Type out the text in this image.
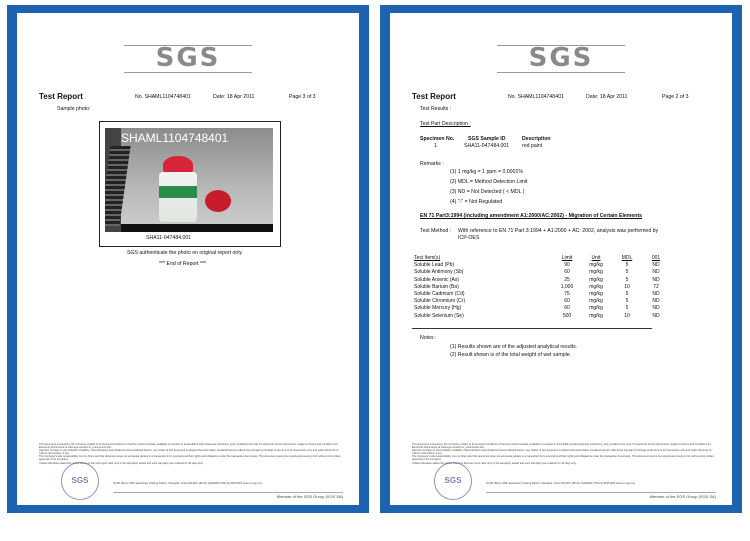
SGS
Test Report	No. SHAML1104748401	Date: 18 Apr 2011	Page 3 of 3
Sample photo:
SHAML1104748401
SHA11-047484.001
SGS authenticate the photo on original report only
*** End of Report ***

This document is issued by the Company subject to its General Conditions of Service printed overleaf, available on request or accessible at http://www.sgs.com/terms_and_conditions.htm and, for electronic format documents, subject to Terms and Conditions for Electronic Documents at www.sgs.com/terms_e-document.htm.

Attention is drawn to the limitation of liability, indemnification and jurisdiction issues defined therein. Any holder of this document is advised that information contained hereon reflects the Company's findings at the time of its intervention only and within the limits of Client's instructions, if any.

The Company's sole responsibility is to its Client and this document does not exonerate parties to a transaction from exercising all their rights and obligations under the transaction documents. This document cannot be reproduced except in full, without prior written approval of the Company.

Unless otherwise stated the results shown in this test report refer only to the sample(s) tested and such sample(s) are retained for 30 days only.

SGS	No.86, Block 1789, East Road, Pudong District, Shanghai, China 201203 t (86-21) 61190000 f (86-21) 68176303 www.cn.sgs.com
Member of the SGS Group (SGS SA)
SGS
Test Report	No. SHAML1104748401	Date: 18 Apr 2011	Page 2 of 3
Test Results :
Test Part Description :
Specimen No.	SGS Sample ID	Description
1	SHA11-047484.001 red paint
Remarks :
(1) 1 mg/kg = 1 ppm = 0.0001%
(2) MDL = Method Detection Limit
(3) ND = Not Detected ( < MDL )
(4) "-" = Not Regulated
EN 71 Part3:1994 (including amendment A1:2000/AC:2002) - Migration of Certain Elements
Test Method : With reference to EN 71 Part 3:1994 + A1:2000 + AC: 2002, analysis was performed by
ICP-OES
Test Item(s)	Limit	Unit	MDL	001
Soluble Lead (Pb)	90	mg/kg	5	ND
Soluble Antimony (Sb)	60	mg/kg	5	ND
Soluble Arsenic (As)	25	mg/kg	5	ND
Soluble Barium (Ba)	1,000	mg/kg	10	72
Soluble Cadmium (Cd)	75	mg/kg	5	ND
Soluble Chromium (Cr)	60	mg/kg	5	ND
Soluble Mercury (Hg)	60	mg/kg	5	ND
Soluble Selenium (Se)	500	mg/kg	10	ND
Notes :
(1) Results shown are of the adjusted analytical results.
(2) Result shown is of the total weight of wet sample.

This document is issued by the Company subject to its General Conditions of Service printed overleaf, available on request or accessible at http://www.sgs.com/terms_and_conditions.htm and, for electronic format documents, subject to Terms and Conditions for Electronic Documents at www.sgs.com/terms_e-document.htm.

Attention is drawn to the limitation of liability, indemnification and jurisdiction issues defined therein. Any holder of this document is advised that information contained hereon reflects the Company's findings at the time of its intervention only and within the limits of Client's instructions, if any.

The Company's sole responsibility is to its Client and this document does not exonerate parties to a transaction from exercising all their rights and obligations under the transaction documents. This document cannot be reproduced except in full, without prior written approval of the Company.

Unless otherwise stated the results shown in this test report refer only to the sample(s) tested and such sample(s) are retained for 30 days only.

SGS	No.86, Block 1789, East Road, Pudong District, Shanghai, China 201203 t (86-21) 61190000 f (86-21) 68176303 www.cn.sgs.com
Member of the SGS Group (SGS SA)
